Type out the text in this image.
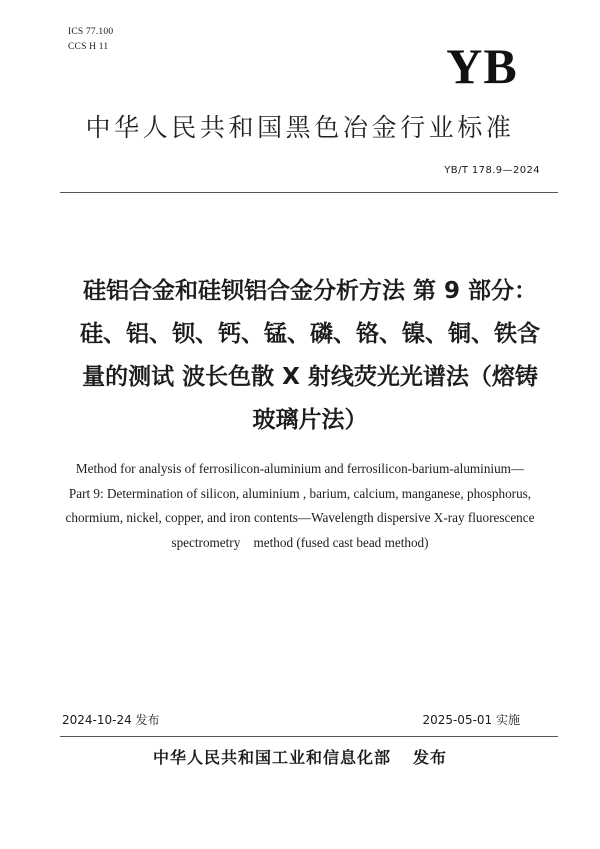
ICS 77.100
CCS H 11	YB
中华人民共和国黑色冶金行业标准
YB/T 178.9—2024
硅铝合金和硅钡铝合金分析方法 第 9 部分：
硅、铝、钡、钙、锰、磷、铬、镍、铜、铁含
量的测试 波长色散 X 射线荧光光谱法（熔铸
玻璃片法）
Method for analysis of ferrosilicon-aluminium and ferrosilicon-barium-aluminium—
Part 9: Determination of silicon, aluminium , barium, calcium, manganese, phosphorus,
chormium, nickel, copper, and iron contents—Wavelength dispersive X-ray fluorescence
spectrometry    method (fused cast bead method)
2024-10-24 发布	2025-05-01 实施
中华人民共和国工业和信息化部 发布
